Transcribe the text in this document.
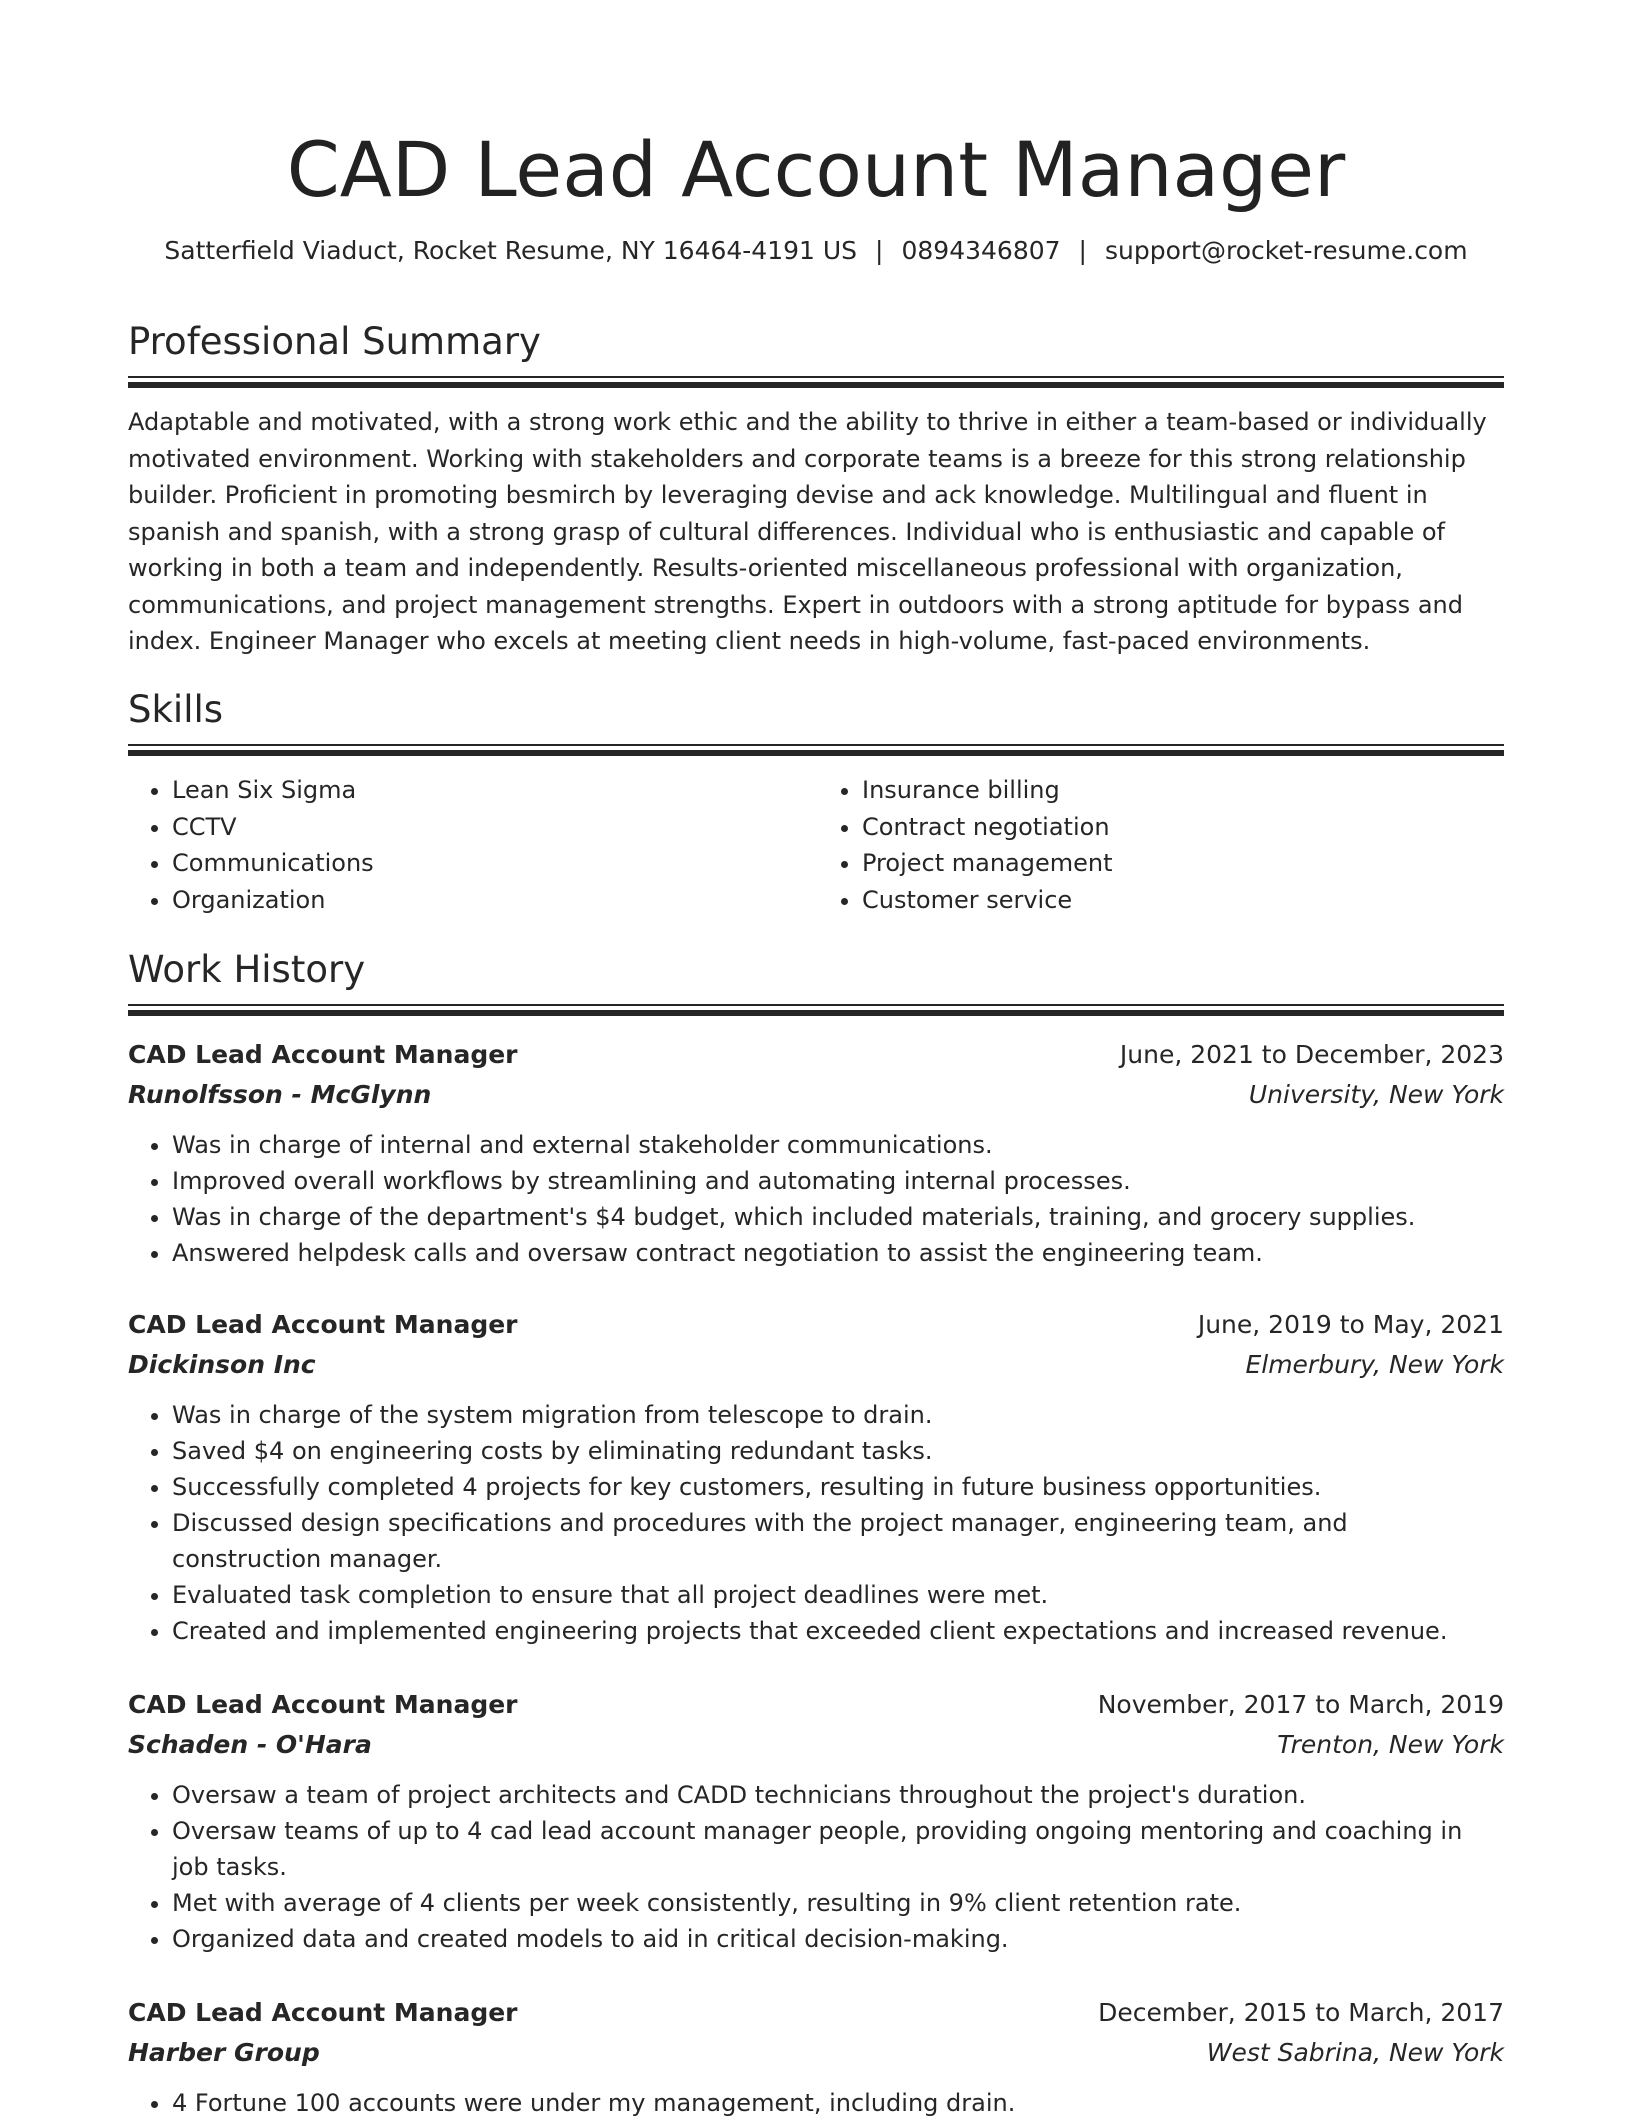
CAD Lead Account Manager
Satterfield Viaduct, Rocket Resume, NY 16464-4191 US | 0894346807 | support@rocket-resume.com
Professional Summary
Adaptable and motivated, with a strong work ethic and the ability to thrive in either a team-based or individually motivated environment. Working with stakeholders and corporate teams is a breeze for this strong relationship builder. Proficient in promoting besmirch by leveraging devise and ack knowledge. Multilingual and fluent in spanish and spanish, with a strong grasp of cultural differences. Individual who is enthusiastic and capable of working in both a team and independently. Results-oriented miscellaneous professional with organization, communications, and project management strengths. Expert in outdoors with a strong aptitude for bypass and index. Engineer Manager who excels at meeting client needs in high-volume, fast-paced environments.
Skills
• Lean Six Sigma
• CCTV
• Communications
• Organization
• Insurance billing
• Contract negotiation
• Project management
• Customer service
Work History
CAD Lead Account Manager	June, 2021 to December, 2023
Runolfsson - McGlynn	University, New York
• Was in charge of internal and external stakeholder communications.
• Improved overall workflows by streamlining and automating internal processes.
• Was in charge of the department's $4 budget, which included materials, training, and grocery supplies.
• Answered helpdesk calls and oversaw contract negotiation to assist the engineering team.
CAD Lead Account Manager	June, 2019 to May, 2021
Dickinson Inc	Elmerbury, New York
• Was in charge of the system migration from telescope to drain.
• Saved $4 on engineering costs by eliminating redundant tasks.
• Successfully completed 4 projects for key customers, resulting in future business opportunities.
• Discussed design specifications and procedures with the project manager, engineering team, and construction manager.
• Evaluated task completion to ensure that all project deadlines were met.
• Created and implemented engineering projects that exceeded client expectations and increased revenue.
CAD Lead Account Manager	November, 2017 to March, 2019
Schaden - O'Hara	Trenton, New York
• Oversaw a team of project architects and CADD technicians throughout the project's duration.
• Oversaw teams of up to 4 cad lead account manager people, providing ongoing mentoring and coaching in job tasks.
• Met with average of 4 clients per week consistently, resulting in 9% client retention rate.
• Organized data and created models to aid in critical decision-making.
CAD Lead Account Manager	December, 2015 to March, 2017
Harber Group	West Sabrina, New York
• 4 Fortune 100 accounts were under my management, including drain.
